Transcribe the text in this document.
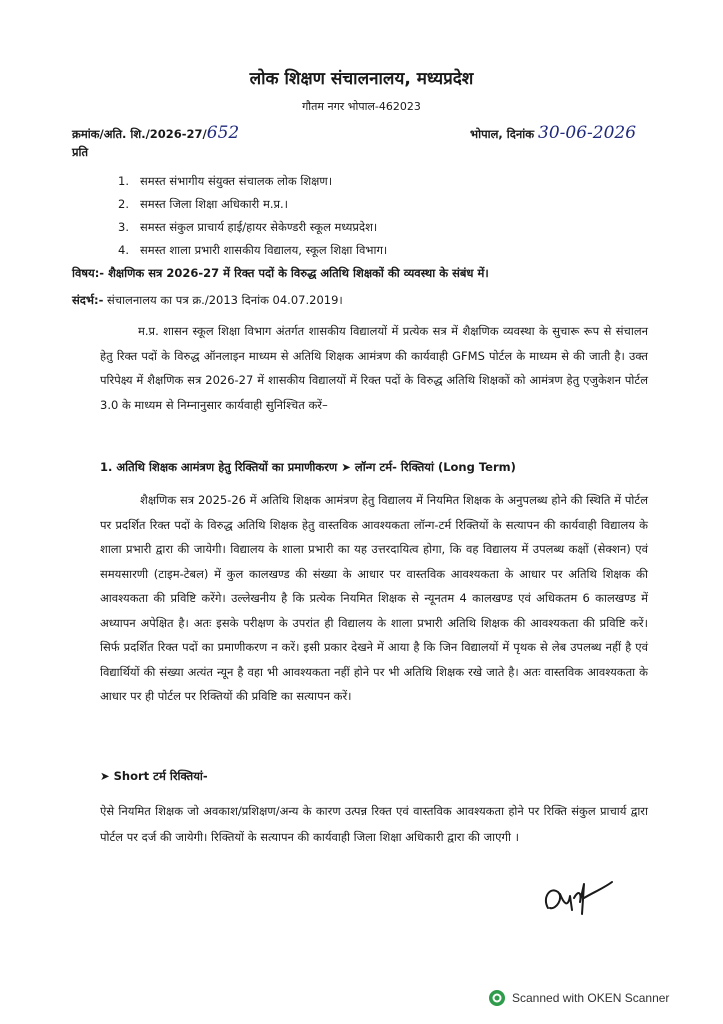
लोक शिक्षण संचालनालय, मध्यप्रदेश
गौतम नगर भोपाल-462023
क्रमांक/अति. शि./2026-27/652	भोपाल, दिनांक 30-06-2026
प्रति
1. समस्त संभागीय संयुक्त संचालक लोक शिक्षण।
2. समस्त जिला शिक्षा अधिकारी म.प्र.।
3. समस्त संकुल प्राचार्य हाई/हायर सेकेण्डरी स्कूल मध्यप्रदेश।
4. समस्त शाला प्रभारी शासकीय विद्यालय, स्कूल शिक्षा विभाग।
विषय:- शैक्षणिक सत्र 2026-27 में रिक्त पदों के विरुद्ध अतिथि शिक्षकों की व्यवस्था के संबंध में।
संदर्भ:- संचालनालय का पत्र क्र./2013 दिनांक 04.07.2019।
म.प्र. शासन स्कूल शिक्षा विभाग अंतर्गत शासकीय विद्यालयों में प्रत्येक सत्र में शैक्षणिक व्यवस्था के सुचारू रूप से संचालन हेतु रिक्त पदों के विरुद्ध ऑनलाइन माध्यम से अतिथि शिक्षक आमंत्रण की कार्यवाही GFMS पोर्टल के माध्यम से की जाती है। उक्त परिपेक्ष्य में शैक्षणिक सत्र 2026-27 में शासकीय विद्यालयों में रिक्त पदों के विरुद्ध अतिथि शिक्षकों को आमंत्रण हेतु एजुकेशन पोर्टल 3.0 के माध्यम से निम्नानुसार कार्यवाही सुनिश्चित करें–
1. अतिथि शिक्षक आमंत्रण हेतु रिक्तियों का प्रमाणीकरण ➤ लॉन्ग टर्म- रिक्तियां (Long Term)
शैक्षणिक सत्र 2025-26 में अतिथि शिक्षक आमंत्रण हेतु विद्यालय में नियमित शिक्षक के अनुपलब्ध होने की स्थिति में पोर्टल पर प्रदर्शित रिक्त पदों के विरुद्ध अतिथि शिक्षक हेतु वास्तविक आवश्यकता लॉन्ग-टर्म रिक्तियों के सत्यापन की कार्यवाही विद्यालय के शाला प्रभारी द्वारा की जायेगी। विद्यालय के शाला प्रभारी का यह उत्तरदायित्व होगा, कि वह विद्यालय में उपलब्ध कक्षों (सेक्शन) एवं समयसारणी (टाइम-टेबल) में कुल कालखण्ड की संख्या के आधार पर वास्तविक आवश्यकता के आधार पर अतिथि शिक्षक की आवश्यकता की प्रविष्टि करेंगे। उल्लेखनीय है कि प्रत्येक नियमित शिक्षक से न्यूनतम 4 कालखण्ड एवं अधिकतम 6 कालखण्ड में अध्यापन अपेक्षित है। अतः इसके परीक्षण के उपरांत ही विद्यालय के शाला प्रभारी अतिथि शिक्षक की आवश्यकता की प्रविष्टि करें। सिर्फ प्रदर्शित रिक्त पदों का प्रमाणीकरण न करें। इसी प्रकार देखने में आया है कि जिन विद्यालयों में पृथक से लेब उपलब्ध नहीं है एवं विद्यार्थियों की संख्या अत्यंत न्यून है वहा भी आवश्यकता नहीं होने पर भी अतिथि शिक्षक रखे जाते है। अतः वास्तविक आवश्यकता के आधार पर ही पोर्टल पर रिक्तियों की प्रविष्टि का सत्यापन करें।
➤ Short टर्म रिक्तियां-
ऐसे नियमित शिक्षक जो अवकाश/प्रशिक्षण/अन्य के कारण उत्पन्न रिक्त एवं वास्तविक आवश्यकता होने पर रिक्ति संकुल प्राचार्य द्वारा पोर्टल पर दर्ज की जायेगी। रिक्तियों के सत्यापन की कार्यवाही जिला शिक्षा अधिकारी द्वारा की जाएगी ।
Scanned with OKEN Scanner
